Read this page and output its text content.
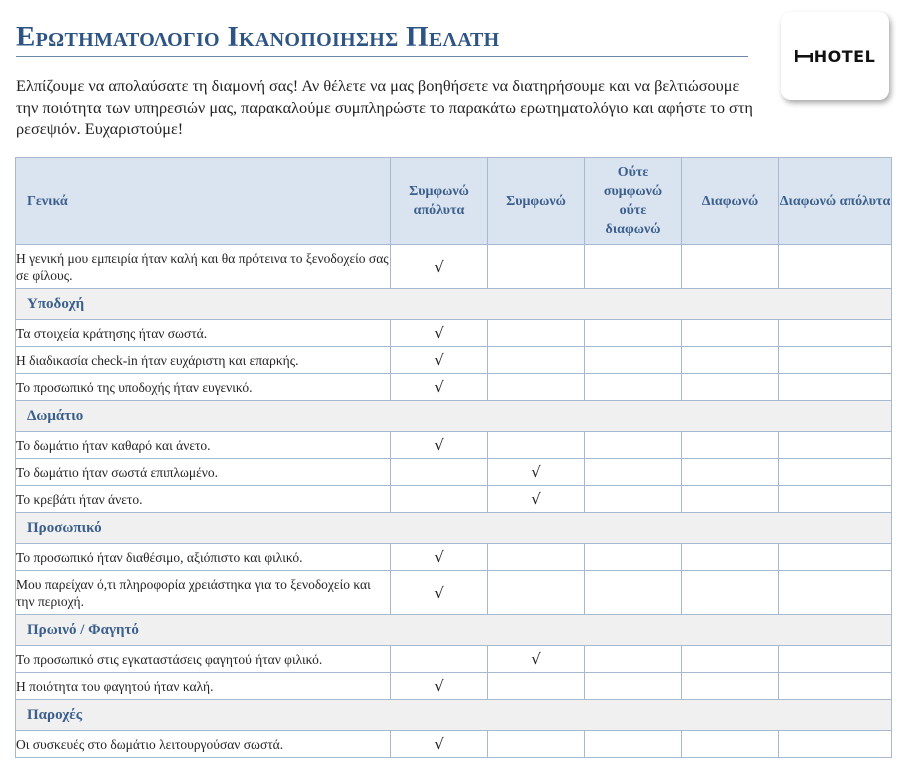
Ερωτηματολογιο Ικανοποιησης Πελατη
HOTEL
Ελπίζουμε να απολαύσατε τη διαμονή σας! Αν θέλετε να μας βοηθήσετε να διατηρήσουμε και να βελτιώσουμε την ποιότητα των υπηρεσιών μας, παρακαλούμε συμπληρώστε το παρακάτω ερωτηματολόγιο και αφήστε το στη ρεσεψιόν. Ευχαριστούμε!
Γενικά	Συμφωνώ απόλυτα	Συμφωνώ	Ούτε συμφωνώ ούτε διαφωνώ	Διαφωνώ	Διαφωνώ απόλυτα
Η γενική μου εμπειρία ήταν καλή και θα πρότεινα το ξενοδοχείο σας σε φίλους.	√				
Υποδοχή					
Τα στοιχεία κράτησης ήταν σωστά.	√				
Η διαδικασία check-in ήταν ευχάριστη και επαρκής.	√				
Το προσωπικό της υποδοχής ήταν ευγενικό.	√				
Δωμάτιο					
Το δωμάτιο ήταν καθαρό και άνετο.	√				
Το δωμάτιο ήταν σωστά επιπλωμένο.		√			
Το κρεβάτι ήταν άνετο.		√			
Προσωπικό					
Το προσωπικό ήταν διαθέσιμο, αξιόπιστο και φιλικό.	√				
Μου παρείχαν ό,τι πληροφορία χρειάστηκα για το ξενοδοχείο και την περιοχή.	√				
Πρωινό / Φαγητό					
Το προσωπικό στις εγκαταστάσεις φαγητού ήταν φιλικό.		√			
Η ποιότητα του φαγητού ήταν καλή.	√				
Παροχές					
Οι συσκευές στο δωμάτιο λειτουργούσαν σωστά.	√				
